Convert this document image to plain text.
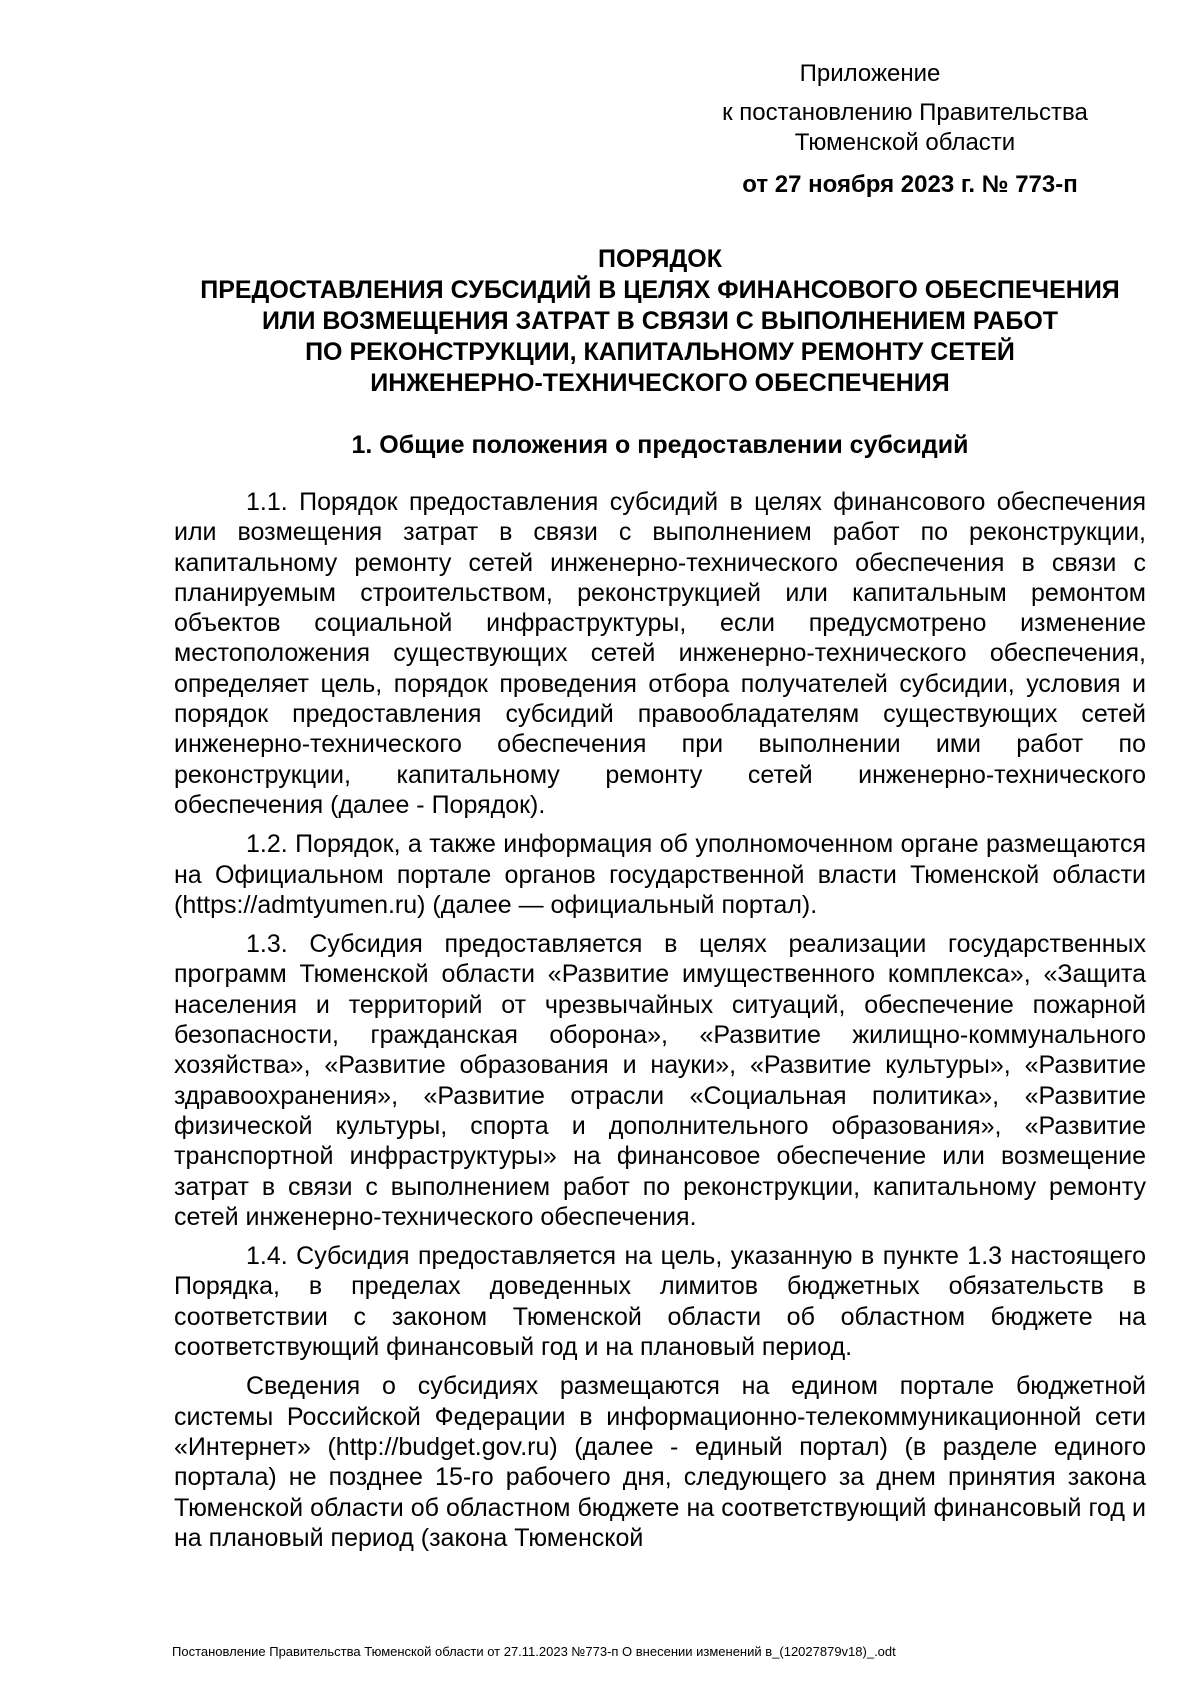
Приложение
к постановлению Правительства
Тюменской области
от 27 ноября 2023 г. № 773-п
ПОРЯДОК
ПРЕДОСТАВЛЕНИЯ СУБСИДИЙ В ЦЕЛЯХ ФИНАНСОВОГО ОБЕСПЕЧЕНИЯ
ИЛИ ВОЗМЕЩЕНИЯ ЗАТРАТ В СВЯЗИ С ВЫПОЛНЕНИЕМ РАБОТ
ПО РЕКОНСТРУКЦИИ, КАПИТАЛЬНОМУ РЕМОНТУ СЕТЕЙ
ИНЖЕНЕРНО-ТЕХНИЧЕСКОГО ОБЕСПЕЧЕНИЯ
1. Общие положения о предоставлении субсидий

1.1. Порядок предоставления субсидий в целях финансового обеспечения или возмещения затрат в связи с выполнением работ по реконструкции, капитальному ремонту сетей инженерно-технического обеспечения в связи с планируемым строительством, реконструкцией или капитальным ремонтом объектов социальной инфраструктуры, если предусмотрено изменение местоположения существующих сетей инженерно-технического обеспечения, определяет цель, порядок проведения отбора получателей субсидии, условия и порядок предоставления субсидий правообладателям существующих сетей инженерно-технического обеспечения при выполнении ими работ по реконструкции, капитальному ремонту сетей инженерно-технического обеспечения (далее - Порядок).

1.2. Порядок, а также информация об уполномоченном органе размещаются на Официальном портале органов государственной власти Тюменской области (https://admtyumen.ru) (далее — официальный портал).

1.3. Субсидия предоставляется в целях реализации государственных программ Тюменской области «Развитие имущественного комплекса», «Защита населения и территорий от чрезвычайных ситуаций, обеспечение пожарной безопасности, гражданская оборона», «Развитие жилищно-коммунального хозяйства», «Развитие образования и науки», «Развитие культуры», «Развитие здравоохранения», «Развитие отрасли «Социальная политика», «Развитие физической культуры, спорта и дополнительного образования», «Развитие транспортной инфраструктуры» на финансовое обеспечение или возмещение затрат в связи с выполнением работ по реконструкции, капитальному ремонту сетей инженерно-технического обеспечения.

1.4. Субсидия предоставляется на цель, указанную в пункте 1.3 настоящего Порядка, в пределах доведенных лимитов бюджетных обязательств в соответствии с законом Тюменской области об областном бюджете на соответствующий финансовый год и на плановый период.

Сведения о субсидиях размещаются на едином портале бюджетной системы Российской Федерации в информационно-телекоммуникационной сети «Интернет» (http://budget.gov.ru) (далее - единый портал) (в разделе единого портала) не позднее 15-го рабочего дня, следующего за днем принятия закона Тюменской области об областном бюджете на соответствующий финансовый год и на плановый период (закона Тюменской

Постановление Правительства Тюменской области от 27.11.2023 №773-п О внесении изменений в_(12027879v18)_.odt
